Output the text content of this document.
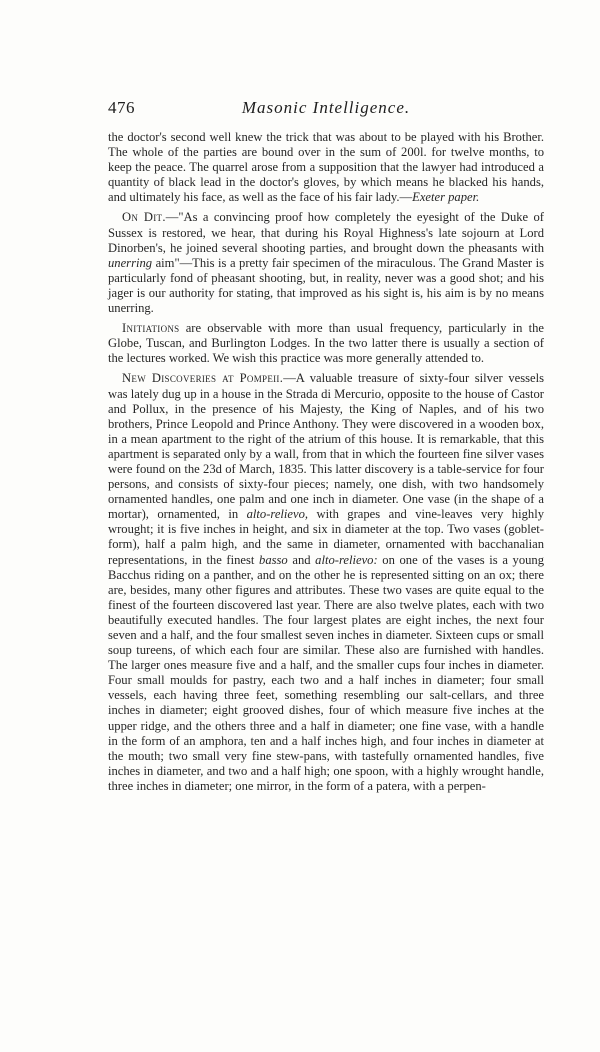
476	Masonic Intelligence.

the doctor's second well knew the trick that was about to be played with his Brother. The whole of the parties are bound over in the sum of 200l. for twelve months, to keep the peace. The quarrel arose from a supposition that the lawyer had introduced a quantity of black lead in the doctor's gloves, by which means he blacked his hands, and ultimately his face, as well as the face of his fair lady.—Exeter paper.

On Dit.—"As a convincing proof how completely the eyesight of the Duke of Sussex is restored, we hear, that during his Royal Highness's late sojourn at Lord Dinorben's, he joined several shooting parties, and brought down the pheasants with unerring aim"—This is a pretty fair specimen of the miraculous. The Grand Master is particularly fond of pheasant shooting, but, in reality, never was a good shot; and his jager is our authority for stating, that improved as his sight is, his aim is by no means unerring.

Initiations are observable with more than usual frequency, particularly in the Globe, Tuscan, and Burlington Lodges. In the two latter there is usually a section of the lectures worked. We wish this practice was more generally attended to.

New Discoveries at Pompeii.—A valuable treasure of sixty-four silver vessels was lately dug up in a house in the Strada di Mercurio, opposite to the house of Castor and Pollux, in the presence of his Majesty, the King of Naples, and of his two brothers, Prince Leopold and Prince Anthony. They were discovered in a wooden box, in a mean apartment to the right of the atrium of this house. It is remarkable, that this apartment is separated only by a wall, from that in which the fourteen fine silver vases were found on the 23d of March, 1835. This latter discovery is a table-service for four persons, and consists of sixty-four pieces; namely, one dish, with two handsomely ornamented handles, one palm and one inch in diameter. One vase (in the shape of a mortar), ornamented, in alto-relievo, with grapes and vine-leaves very highly wrought; it is five inches in height, and six in diameter at the top. Two vases (goblet-form), half a palm high, and the same in diameter, ornamented with bacchanalian representations, in the finest basso and alto-relievo: on one of the vases is a young Bacchus riding on a panther, and on the other he is represented sitting on an ox; there are, besides, many other figures and attributes. These two vases are quite equal to the finest of the fourteen discovered last year. There are also twelve plates, each with two beautifully executed handles. The four largest plates are eight inches, the next four seven and a half, and the four smallest seven inches in diameter. Sixteen cups or small soup tureens, of which each four are similar. These also are furnished with handles. The larger ones measure five and a half, and the smaller cups four inches in diameter. Four small moulds for pastry, each two and a half inches in diameter; four small vessels, each having three feet, something resembling our salt-cellars, and three inches in diameter; eight grooved dishes, four of which measure five inches at the upper ridge, and the others three and a half in diameter; one fine vase, with a handle in the form of an amphora, ten and a half inches high, and four inches in diameter at the mouth; two small very fine stew-pans, with tastefully ornamented handles, five inches in diameter, and two and a half high; one spoon, with a highly wrought handle, three inches in diameter; one mirror, in the form of a patera, with a perpen-
